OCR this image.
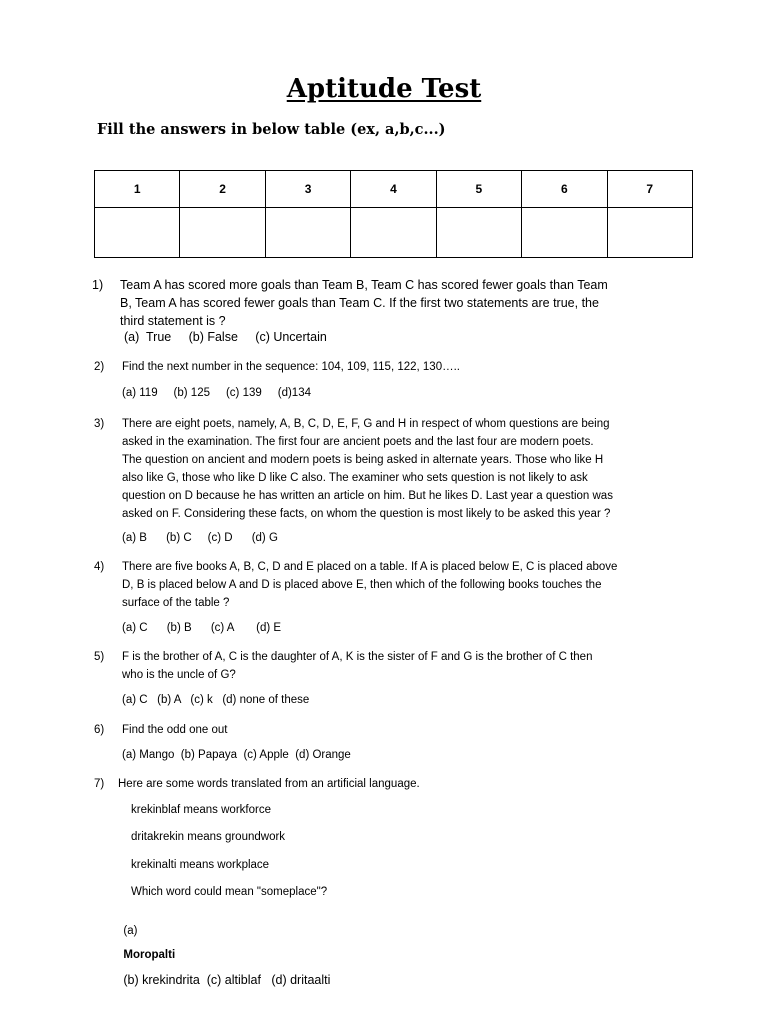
Aptitude Test
Fill the answers in below table (ex, a,b,c...)
1	2	3	4	5	6	7

1) Team A has scored more goals than Team B, Team C has scored fewer goals than Team
B, Team A has scored fewer goals than Team C. If the first two statements are true, the
third statement is ?
(a)  True     (b) False     (c) Uncertain
2) Find the next number in the sequence: 104, 109, 115, 122, 130…..
(a) 119     (b) 125     (c) 139     (d)134
3) There are eight poets, namely, A, B, C, D, E, F, G and H in respect of whom questions are being
asked in the examination. The first four are ancient poets and the last four are modern poets.
The question on ancient and modern poets is being asked in alternate years. Those who like H
also like G, those who like D like C also. The examiner who sets question is not likely to ask
question on D because he has written an article on him. But he likes D. Last year a question was
asked on F. Considering these facts, on whom the question is most likely to be asked this year ?
(a) B      (b) C     (c) D      (d) G
4) There are five books A, B, C, D and E placed on a table. If A is placed below E, C is placed above
D, B is placed below A and D is placed above E, then which of the following books touches the
surface of the table ?
(a) C      (b) B      (c) A       (d) E
5) F is the brother of A, C is the daughter of A, K is the sister of F and G is the brother of C then
who is the uncle of G?
(a) C   (b) A   (c) k   (d) none of these
6) Find the odd one out
(a) Mango  (b) Papaya  (c) Apple  (d) Orange
7) Here are some words translated from an artificial language.
krekinblaf means workforce
dritakrekin means groundwork
krekinalti means workplace
Which word could mean "someplace"?

(a)

Moropalti

(b) krekindrita  (c) altiblaf   (d) dritaalti
